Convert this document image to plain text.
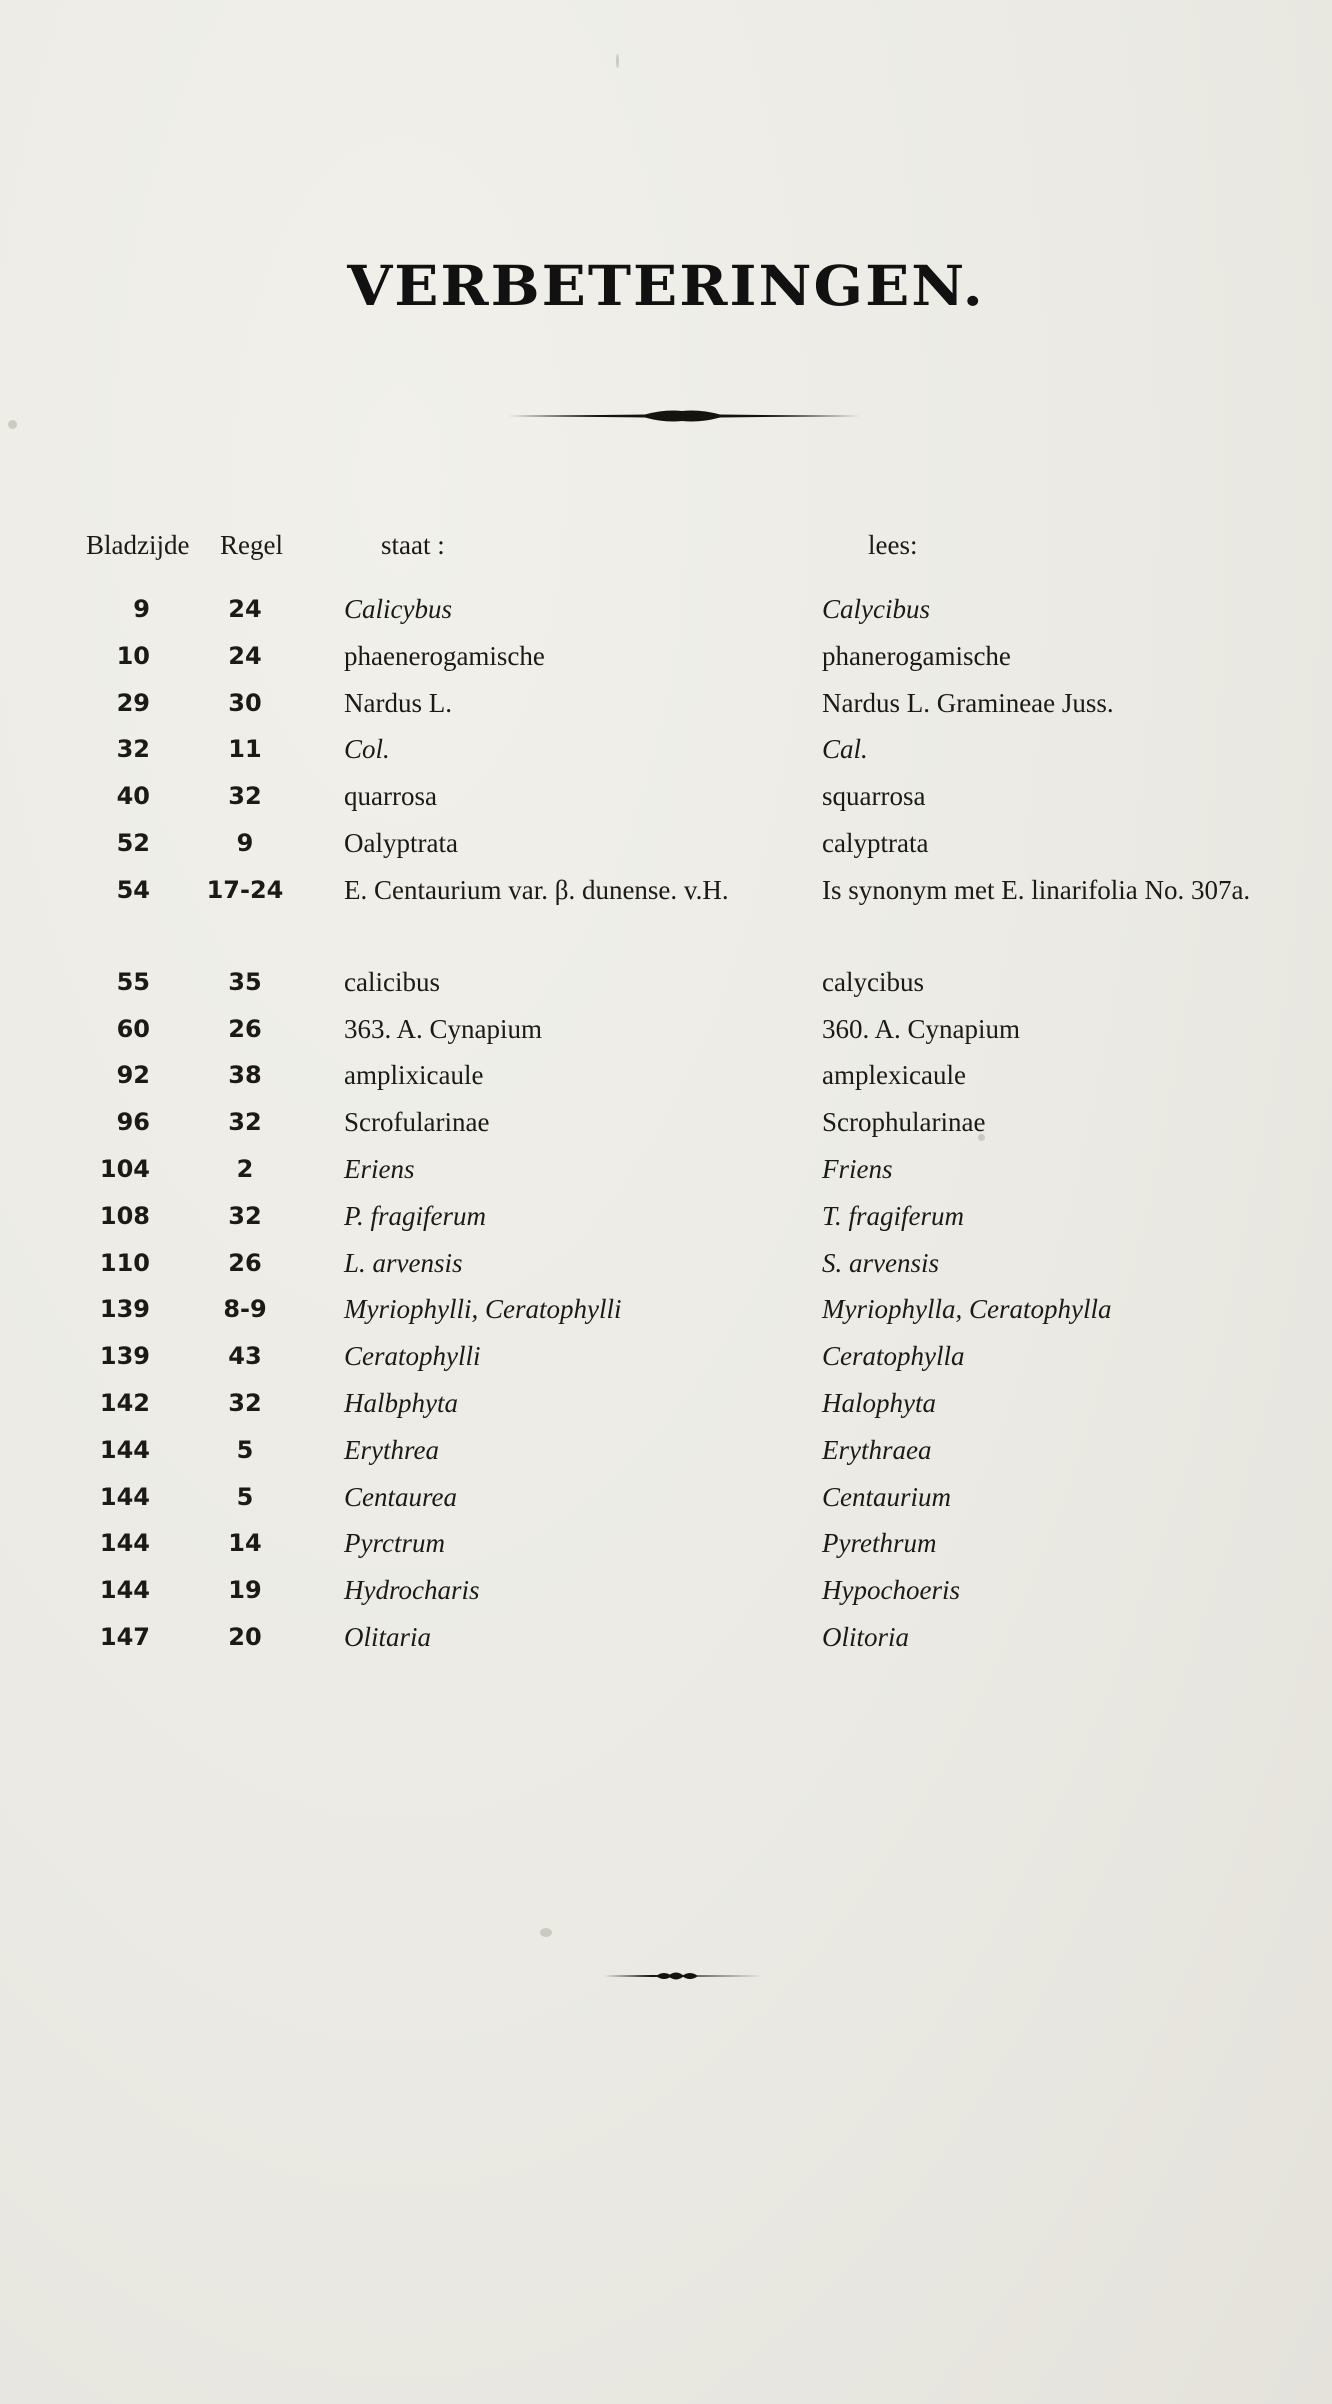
VERBETERINGEN.
Bladzijde Regel	staat :	lees:
9	24	Calicybus	Calycibus
10	24	phaenerogamische	phanerogamische
29	30	Nardus L.	Nardus L. Gramineae Juss.
32	11	Col.	Cal.
40	32	quarrosa	squarrosa
52	9	Oalyptrata	calyptrata
54 17-24 E. Centaurium var. β. dunense. v.H.	Is synonym met E. linarifolia No. 307a.
55	35	calicibus	calycibus
60	26	363. A. Cynapium	360. A. Cynapium
92	38	amplixicaule	amplexicaule
96	32	Scrofularinae	Scrophularinae
104	2	Eriens	Friens
108	32	P. fragiferum	T. fragiferum
110	26	L. arvensis	S. arvensis
139	8-9	Myriophylli, Ceratophylli	Myriophylla, Ceratophylla
139	43	Ceratophylli	Ceratophylla
142	32	Halbphyta	Halophyta
144	5	Erythrea	Erythraea
144	5	Centaurea	Centaurium
144	14	Pyrctrum	Pyrethrum
144	19	Hydrocharis	Hypochoeris
147	20	Olitaria	Olitoria
